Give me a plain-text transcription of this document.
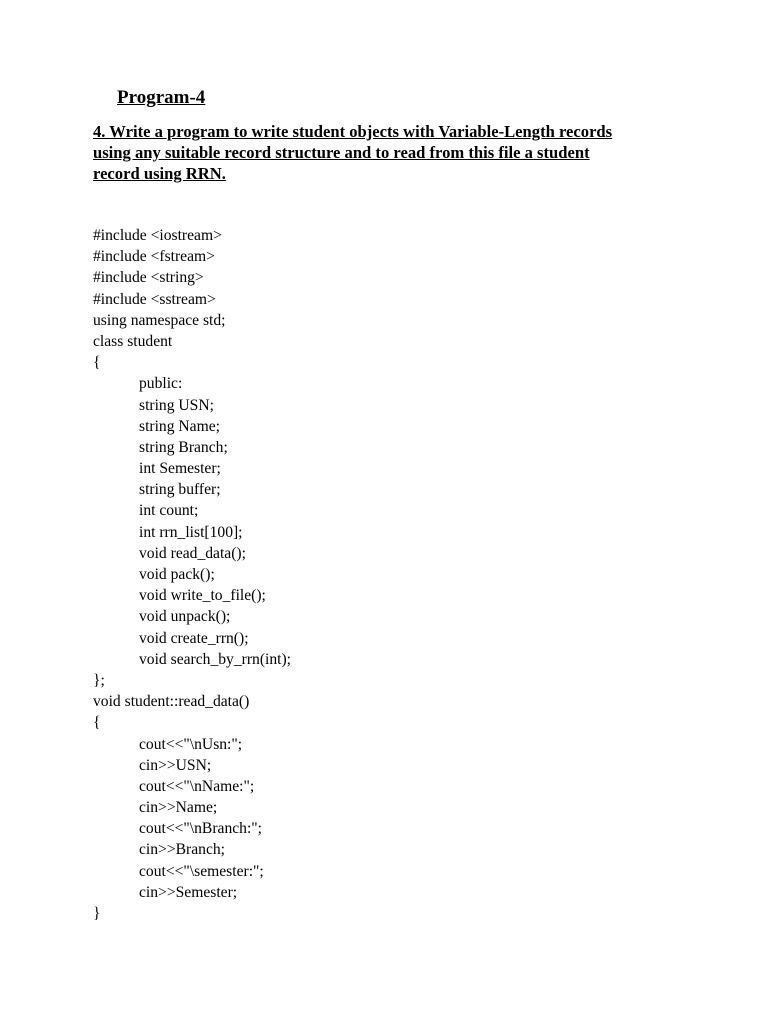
Program-4
4. Write a program to write student objects with Variable-Length records
using any suitable record structure and to read from this file a student
record using RRN.
#include <iostream>
#include <fstream>
#include <string>
#include <sstream>
using namespace std;
class student
{
public:
string USN;
string Name;
string Branch;
int Semester;
string buffer;
int count;
int rrn_list[100];
void read_data();
void pack();
void write_to_file();
void unpack();
void create_rrn();
void search_by_rrn(int);
};
void student::read_data()
{
cout<<"\nUsn:";
cin>>USN;
cout<<"\nName:";
cin>>Name;
cout<<"\nBranch:";
cin>>Branch;
cout<<"\semester:";
cin>>Semester;
}
